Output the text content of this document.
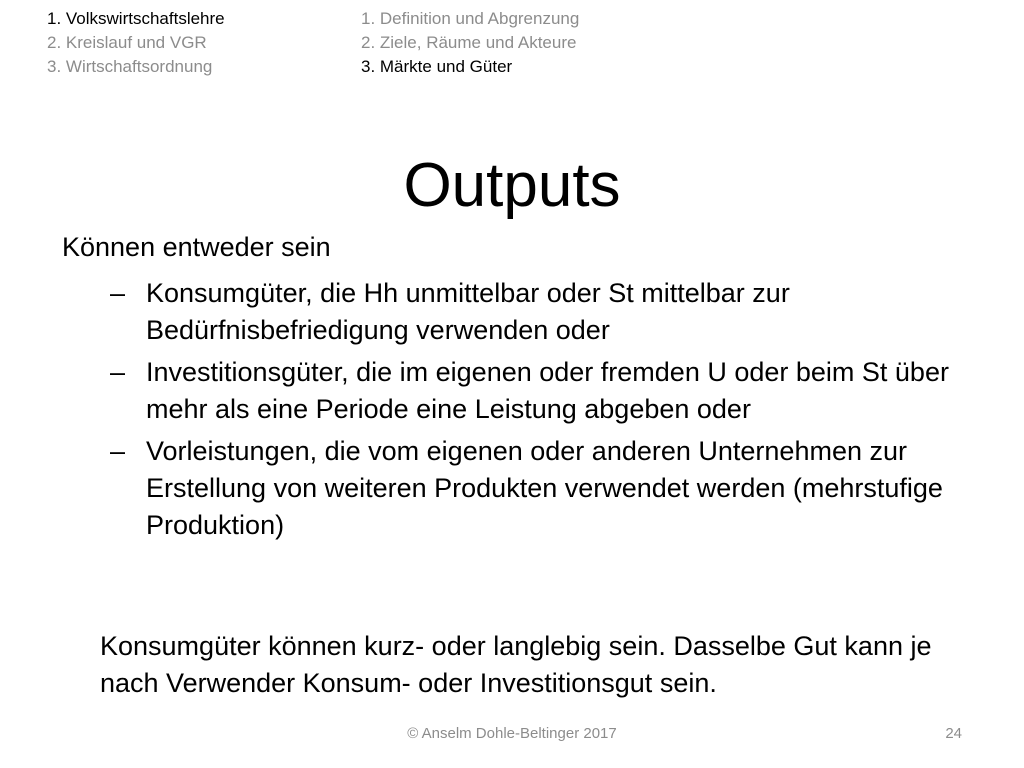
1. Volkswirtschaftslehre
2. Kreislauf und VGR
3. Wirtschaftsordnung
1. Definition und Abgrenzung
2. Ziele, Räume und Akteure
3. Märkte und Güter
Outputs
Können entweder sein
– Konsumgüter, die Hh unmittelbar oder St mittelbar zur Bedürfnisbefriedigung verwenden oder
– Investitionsgüter, die im eigenen oder fremden U oder beim St über mehr als eine Periode eine Leistung abgeben oder
– Vorleistungen, die vom eigenen oder anderen Unternehmen zur Erstellung von weiteren Produkten verwendet werden (mehrstufige Produktion)
Konsumgüter können kurz- oder langlebig sein. Dasselbe Gut kann je nach Verwender Konsum- oder Investitionsgut sein.
© Anselm Dohle-Beltinger 2017	24
